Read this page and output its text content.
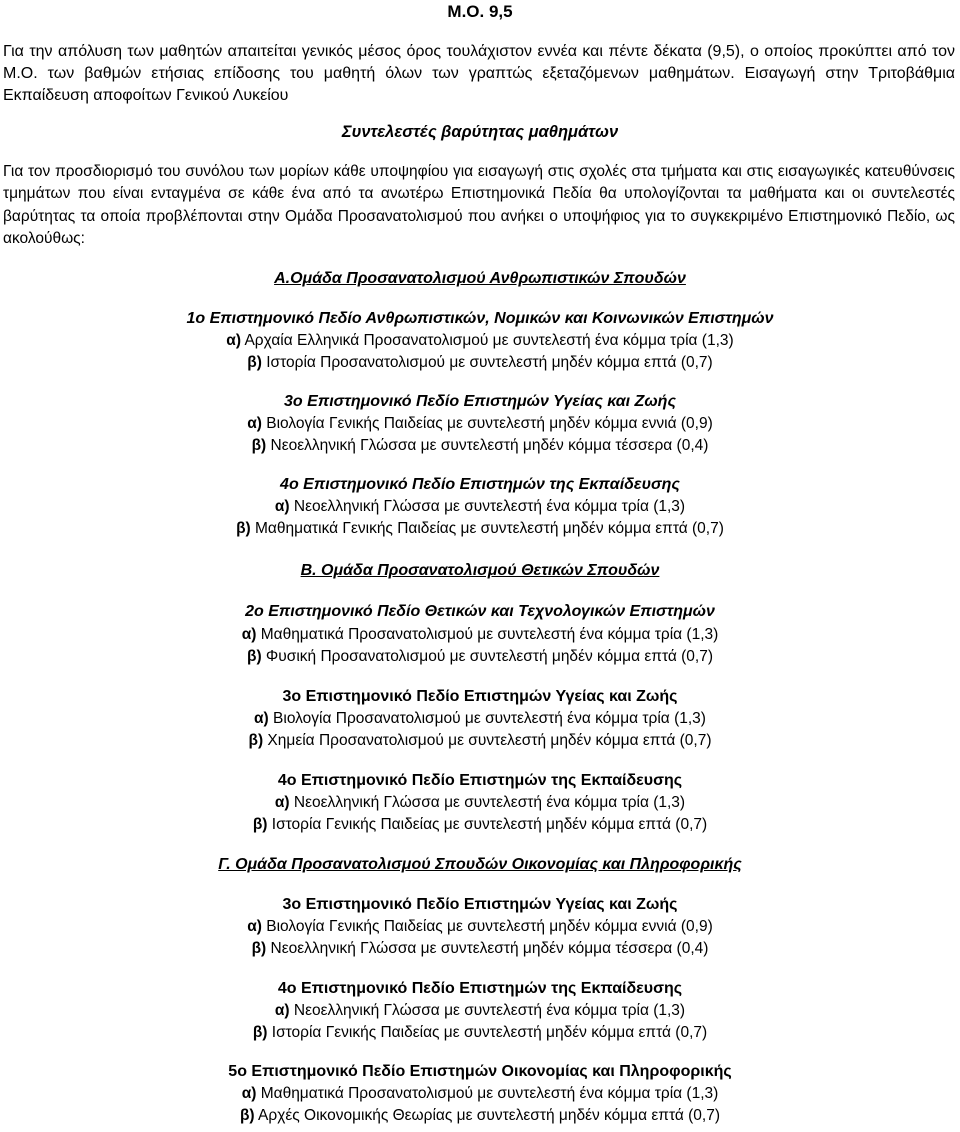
Μ.Ο. 9,5
Για την απόλυση των μαθητών απαιτείται γενικός μέσος όρος τουλάχιστον εννέα και πέντε δέκατα (9,5), ο οποίος προκύπτει από τον Μ.Ο. των βαθμών ετήσιας επίδοσης του μαθητή όλων των γραπτώς εξεταζόμενων μαθημάτων. Εισαγωγή στην Τριτοβάθμια Εκπαίδευση αποφοίτων Γενικού Λυκείου
Συντελεστές βαρύτητας μαθημάτων
Για τον προσδιορισμό του συνόλου των μορίων κάθε υποψηφίου για εισαγωγή στις σχολές στα τμήματα και στις εισαγωγικές κατευθύνσεις τμημάτων που είναι ενταγμένα σε κάθε ένα από τα ανωτέρω Επιστημονικά Πεδία θα υπολογίζονται τα μαθήματα και οι συντελεστές βαρύτητας τα οποία προβλέπονται στην Ομάδα Προσανατολισμού που ανήκει ο υποψήφιος για το συγκεκριμένο Επιστημονικό Πεδίο, ως ακολούθως:
Α.Ομάδα Προσανατολισμού Ανθρωπιστικών Σπουδών
1ο Επιστημονικό Πεδίο Ανθρωπιστικών, Νομικών και Κοινωνικών Επιστημών
α) Αρχαία Ελληνικά Προσανατολισμού με συντελεστή ένα κόμμα τρία (1,3)
β) Ιστορία Προσανατολισμού με συντελεστή μηδέν κόμμα επτά (0,7)
3ο Επιστημονικό Πεδίο Επιστημών Υγείας και Ζωής
α) Βιολογία Γενικής Παιδείας με συντελεστή μηδέν κόμμα εννιά (0,9)
β) Νεοελληνική Γλώσσα με συντελεστή μηδέν κόμμα τέσσερα (0,4)
4ο Επιστημονικό Πεδίο Επιστημών της Εκπαίδευσης
α) Νεοελληνική Γλώσσα με συντελεστή ένα κόμμα τρία (1,3)
β) Μαθηματικά Γενικής Παιδείας με συντελεστή μηδέν κόμμα επτά (0,7)
Β. Ομάδα Προσανατολισμού Θετικών Σπουδών
2ο Επιστημονικό Πεδίο Θετικών και Τεχνολογικών Επιστημών
α) Μαθηματικά Προσανατολισμού με συντελεστή ένα κόμμα τρία (1,3)
β) Φυσική Προσανατολισμού με συντελεστή μηδέν κόμμα επτά (0,7)
3ο Επιστημονικό Πεδίο Επιστημών Υγείας και Ζωής
α) Βιολογία Προσανατολισμού με συντελεστή ένα κόμμα τρία (1,3)
β) Χημεία Προσανατολισμού με συντελεστή μηδέν κόμμα επτά (0,7)
4ο Επιστημονικό Πεδίο Επιστημών της Εκπαίδευσης
α) Νεοελληνική Γλώσσα με συντελεστή ένα κόμμα τρία (1,3)
β) Ιστορία Γενικής Παιδείας με συντελεστή μηδέν κόμμα επτά (0,7)
Γ. Ομάδα Προσανατολισμού Σπουδών Οικονομίας και Πληροφορικής
3ο Επιστημονικό Πεδίο Επιστημών Υγείας και Ζωής
α) Βιολογία Γενικής Παιδείας με συντελεστή μηδέν κόμμα εννιά (0,9)
β) Νεοελληνική Γλώσσα με συντελεστή μηδέν κόμμα τέσσερα (0,4)
4ο Επιστημονικό Πεδίο Επιστημών της Εκπαίδευσης
α) Νεοελληνική Γλώσσα με συντελεστή ένα κόμμα τρία (1,3)
β) Ιστορία Γενικής Παιδείας με συντελεστή μηδέν κόμμα επτά (0,7)
5ο Επιστημονικό Πεδίο Επιστημών Οικονομίας και Πληροφορικής
α) Μαθηματικά Προσανατολισμού με συντελεστή ένα κόμμα τρία (1,3)
β) Αρχές Οικονομικής Θεωρίας με συντελεστή μηδέν κόμμα επτά (0,7)
